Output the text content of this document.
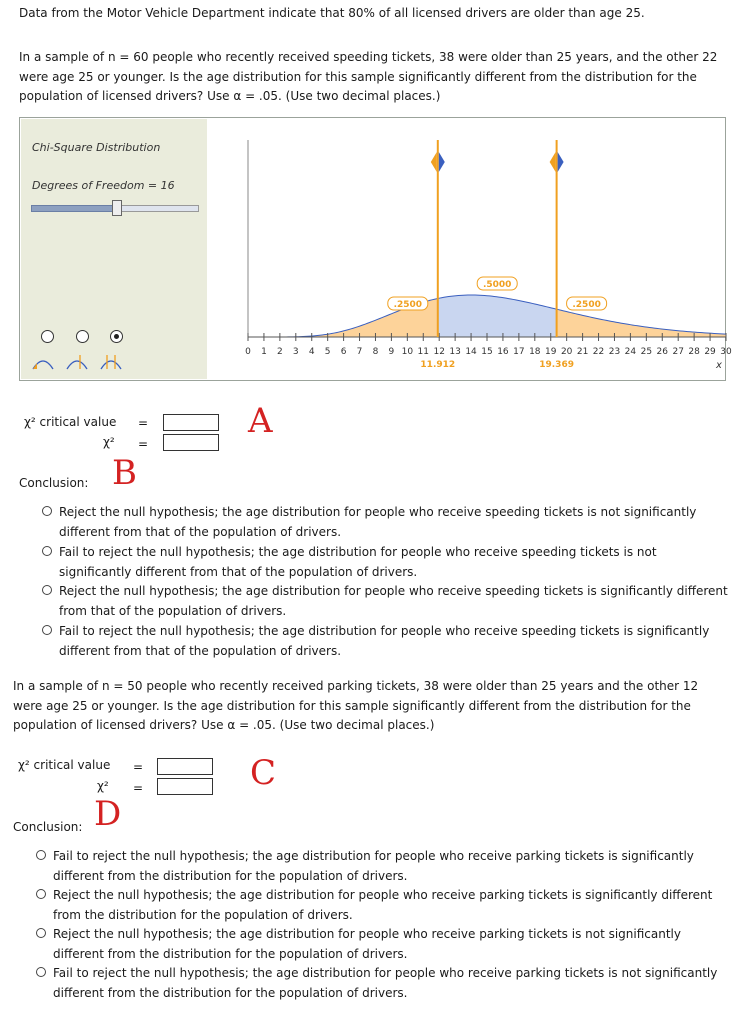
Data from the Motor Vehicle Department indicate that 80% of all licensed drivers are older than age 25.
In a sample of n = 60 people who recently received speeding tickets, 38 were older than 25 years, and the other 22 were age 25 or younger. Is the age distribution for this sample significantly different from the distribution for the population of licensed drivers? Use α = .05. (Use two decimal places.)
Chi-Square Distribution
Degrees of Freedom = 16
0 1 2 3 4 5 6 7 8 9 10 11 12 13 14 15 16 17 18 19 20 21 22 23 24 25 26 27 28 29 30
11.912	19.369
.2500
.5000
.2500
x
χ² critical value =
χ² =
A
B
Conclusion:
Reject the null hypothesis; the age distribution for people who receive speeding tickets is not significantly different from that of the population of drivers.
Fail to reject the null hypothesis; the age distribution for people who receive speeding tickets is not significantly different from that of the population of drivers.
Reject the null hypothesis; the age distribution for people who receive speeding tickets is significantly different from that of the population of drivers.
Fail to reject the null hypothesis; the age distribution for people who receive speeding tickets is significantly different from that of the population of drivers.
In a sample of n = 50 people who recently received parking tickets, 38 were older than 25 years and the other 12 were age 25 or younger. Is the age distribution for this sample significantly different from the distribution for the population of licensed drivers? Use α = .05. (Use two decimal places.)
χ² critical value =
χ² =	C
D
Conclusion:
Fail to reject the null hypothesis; the age distribution for people who receive parking tickets is significantly different from the distribution for the population of drivers.
Reject the null hypothesis; the age distribution for people who receive parking tickets is significantly different from the distribution for the population of drivers.
Reject the null hypothesis; the age distribution for people who receive parking tickets is not significantly different from the distribution for the population of drivers.
Fail to reject the null hypothesis; the age distribution for people who receive parking tickets is not significantly different from the distribution for the population of drivers.
